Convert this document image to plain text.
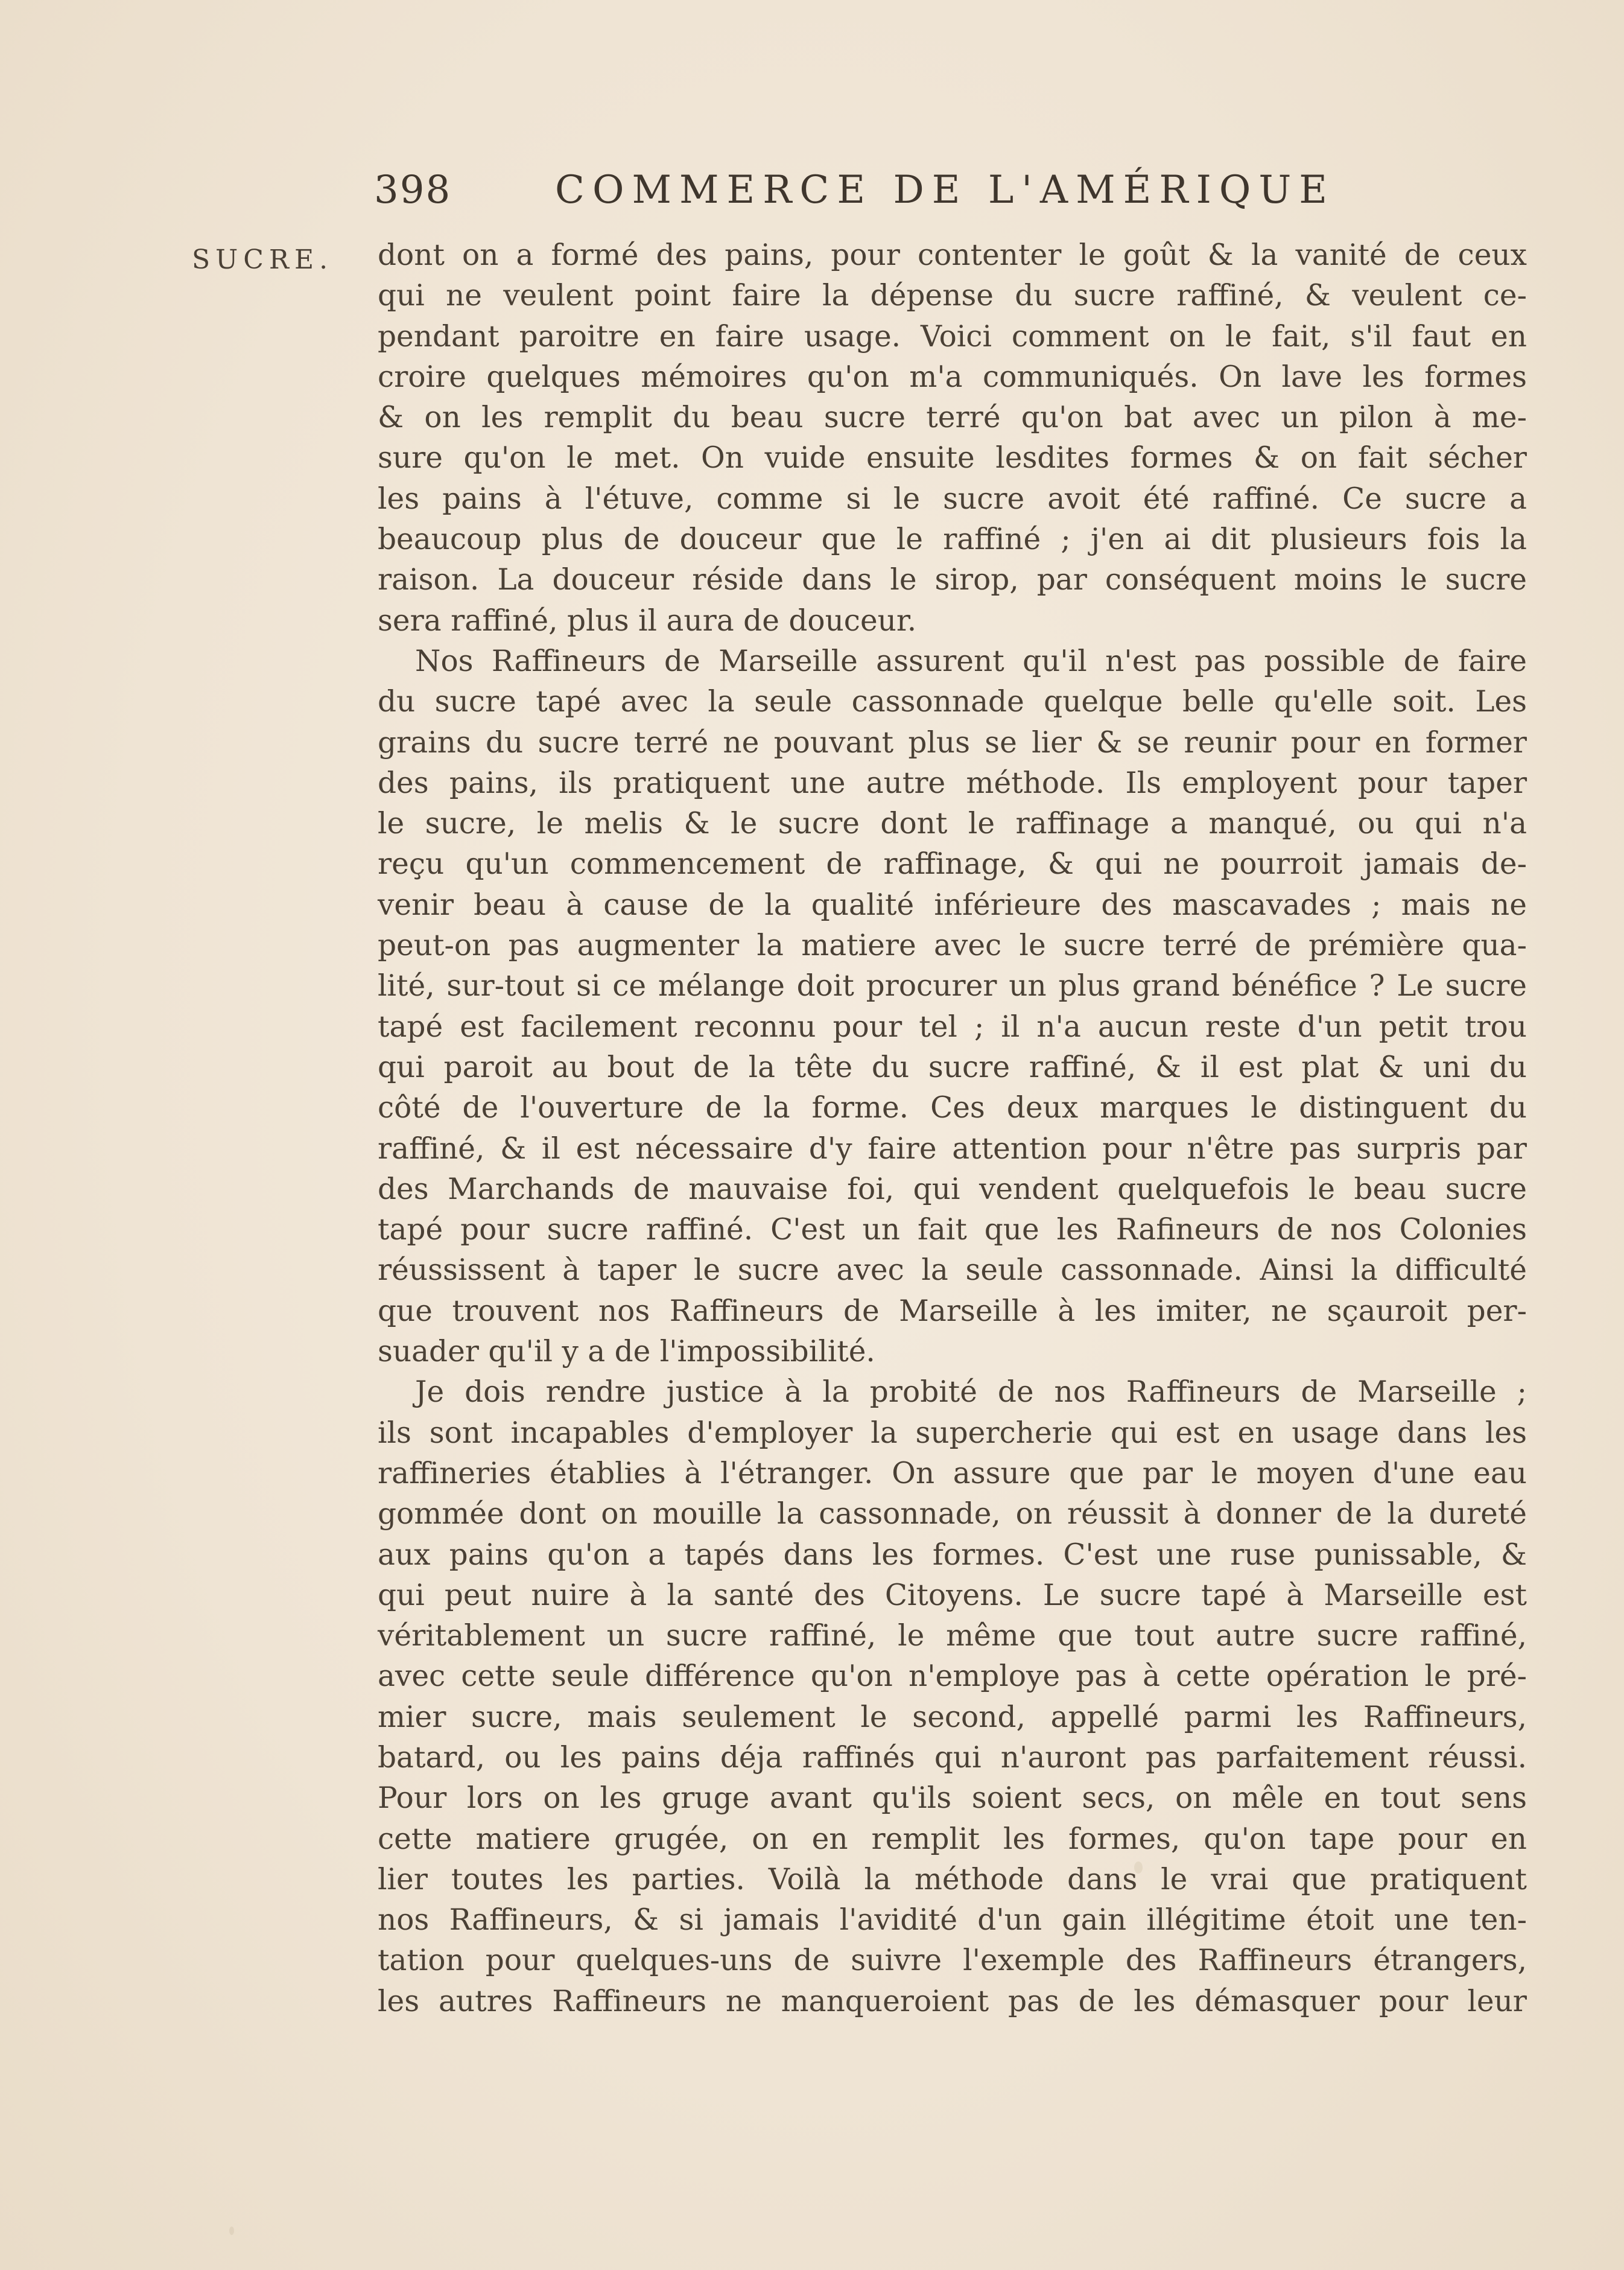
398	COMMERCE DE L'AMÉRIQUE
SUCRE. dont on a formé des pains, pour contenter le goût & la vanité de ceux
qui ne veulent point faire la dépense du sucre raffiné, & veulent ce-
pendant paroitre en faire usage. Voici comment on le fait, s'il faut en
croire quelques mémoires qu'on m'a communiqués. On lave les formes
& on les remplit du beau sucre terré qu'on bat avec un pilon à me-
sure qu'on le met. On vuide ensuite lesdites formes & on fait sécher
les pains à l'étuve, comme si le sucre avoit été raffiné. Ce sucre a
beaucoup plus de douceur que le raffiné ; j'en ai dit plusieurs fois la
raison. La douceur réside dans le sirop, par conséquent moins le sucre
sera raffiné, plus il aura de douceur.
Nos Raffineurs de Marseille assurent qu'il n'est pas possible de faire
du sucre tapé avec la seule cassonnade quelque belle qu'elle soit. Les
grains du sucre terré ne pouvant plus se lier & se reunir pour en former
des pains, ils pratiquent une autre méthode. Ils employent pour taper
le sucre, le melis & le sucre dont le raffinage a manqué, ou qui n'a
reçu qu'un commencement de raffinage, & qui ne pourroit jamais de-
venir beau à cause de la qualité inférieure des mascavades ; mais ne
peut-on pas augmenter la matiere avec le sucre terré de prémière qua-
lité, sur-tout si ce mélange doit procurer un plus grand bénéfice ? Le sucre
tapé est facilement reconnu pour tel ; il n'a aucun reste d'un petit trou
qui paroit au bout de la tête du sucre raffiné, & il est plat & uni du
côté de l'ouverture de la forme. Ces deux marques le distinguent du
raffiné, & il est nécessaire d'y faire attention pour n'être pas surpris par
des Marchands de mauvaise foi, qui vendent quelquefois le beau sucre
tapé pour sucre raffiné. C'est un fait que les Rafineurs de nos Colonies
réussissent à taper le sucre avec la seule cassonnade. Ainsi la difficulté
que trouvent nos Raffineurs de Marseille à les imiter, ne sçauroit per-
suader qu'il y a de l'impossibilité.
Je dois rendre justice à la probité de nos Raffineurs de Marseille ;
ils sont incapables d'employer la supercherie qui est en usage dans les
raffineries établies à l'étranger. On assure que par le moyen d'une eau
gommée dont on mouille la cassonnade, on réussit à donner de la dureté
aux pains qu'on a tapés dans les formes. C'est une ruse punissable, &
qui peut nuire à la santé des Citoyens. Le sucre tapé à Marseille est
véritablement un sucre raffiné, le même que tout autre sucre raffiné,
avec cette seule différence qu'on n'employe pas à cette opération le pré-
mier sucre, mais seulement le second, appellé parmi les Raffineurs,
batard, ou les pains déja raffinés qui n'auront pas parfaitement réussi.
Pour lors on les gruge avant qu'ils soient secs, on mêle en tout sens
cette matiere grugée, on en remplit les formes, qu'on tape pour en
lier toutes les parties. Voilà la méthode dans le vrai que pratiquent
nos Raffineurs, & si jamais l'avidité d'un gain illégitime étoit une ten-
tation pour quelques-uns de suivre l'exemple des Raffineurs étrangers,
les autres Raffineurs ne manqueroient pas de les démasquer pour leur
